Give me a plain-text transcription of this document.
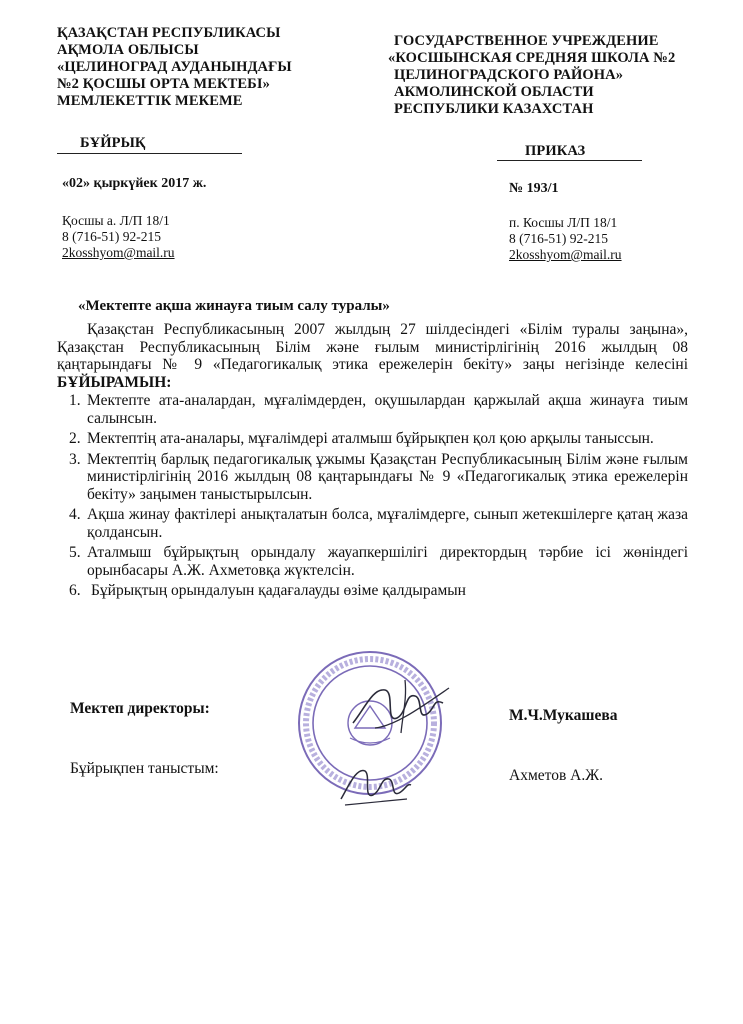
ҚАЗАҚСТАН РЕСПУБЛИКАСЫ
АҚМОЛА ОБЛЫСЫ
«ЦЕЛИНОГРАД АУДАНЫНДАҒЫ
№2 ҚОСШЫ ОРТА МЕКТЕБІ»
МЕМЛЕКЕТТІК МЕКЕМЕ
ГОСУДАРСТВЕННОЕ УЧРЕЖДЕНИЕ
«КОСШЫНСКАЯ СРЕДНЯЯ ШКОЛА №2
ЦЕЛИНОГРАДСКОГО РАЙОНА»
АКМОЛИНСКОЙ ОБЛАСТИ
РЕСПУБЛИКИ КАЗАХСТАН
БҰЙРЫҚ	ПРИКАЗ
«02» қыркүйек 2017 ж.	№ 193/1
Қосшы а. Л/П 18/1
8 (716-51) 92-215
2kosshyom@mail.ru
п. Косшы Л/П 18/1
8 (716-51) 92-215
2kosshyom@mail.ru
«Мектепте ақша жинауға тиым салу туралы»
Қазақстан Республикасының 2007 жылдың 27 шілдесіндегі «Білім туралы заңына», Қазақстан Республикасының Білім және ғылым министірлігінің 2016 жылдың 08 қаңтарындағы № 9 «Педагогикалық этика ережелерін бекіту» заңы негізінде келесіні БҰЙЫРАМЫН:
1. Мектепте ата-аналардан, мұғалімдерден, оқушылардан қаржылай ақша жинауға тиым салынсын.
2. Мектептің ата-аналары, мұғалімдері аталмыш бұйрықпен қол қою арқылы таныссын.
3. Мектептің барлық педагогикалық ұжымы Қазақстан Республикасының Білім және ғылым министірлігінің 2016 жылдың 08 қаңтарындағы № 9 «Педагогикалық этика ережелерін бекіту» заңымен таныстырылсын.
4. Ақша жинау фактілері анықталатын болса, мұғалімдерге, сынып жетекшілерге қатаң жаза қолдансын.
5. Аталмыш бұйрықтың орындалу жауапкершілігі директордың тәрбие ісі жөніндегі орынбасары А.Ж. Ахметовқа жүктелсін.
6. Бұйрықтың орындалуын қадағалауды өзіме қалдырамын
Мектеп директоры:	М.Ч.Мукашева
Бұйрықпен таныстым:	Ахметов А.Ж.
